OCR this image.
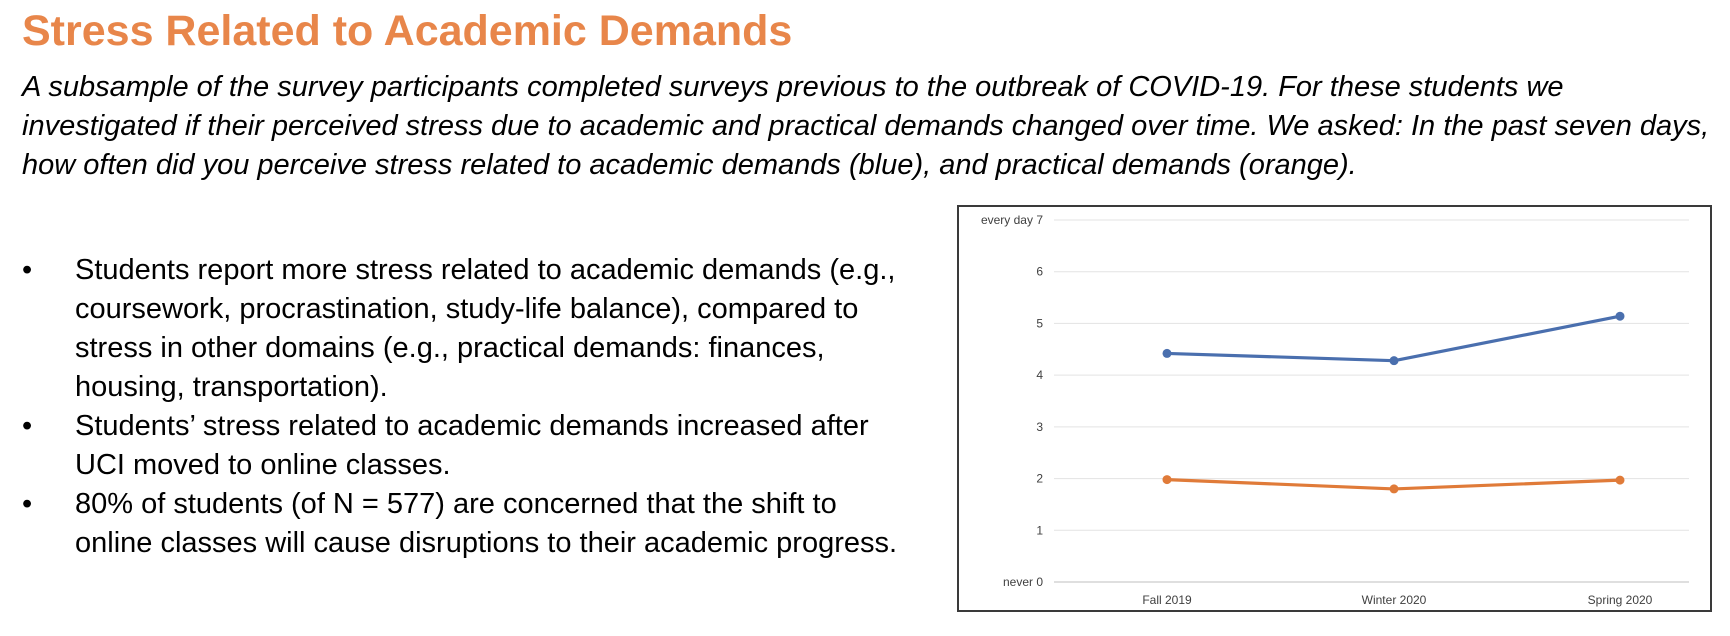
Stress Related to Academic Demands

A subsample of the survey participants completed surveys previous to the outbreak of COVID-19. For these students we investigated if their perceived stress due to academic and practical demands changed over time. We asked: In the past seven days, how often did you perceive stress related to academic demands (blue), and practical demands (orange).

•	Students report more stress related to academic demands (e.g., coursework, procrastination, study-life balance), compared to stress in other domains (e.g., practical demands: finances, housing, transportation).
•	Students’ stress related to academic demands increased after UCI moved to online classes.
•	80% of students (of N = 577) are concerned that the shift to online classes will cause disruptions to their academic progress.
never 0
1
2
3
4
5
6
every day 7
Fall 2019	Winter 2020	Spring 2020
